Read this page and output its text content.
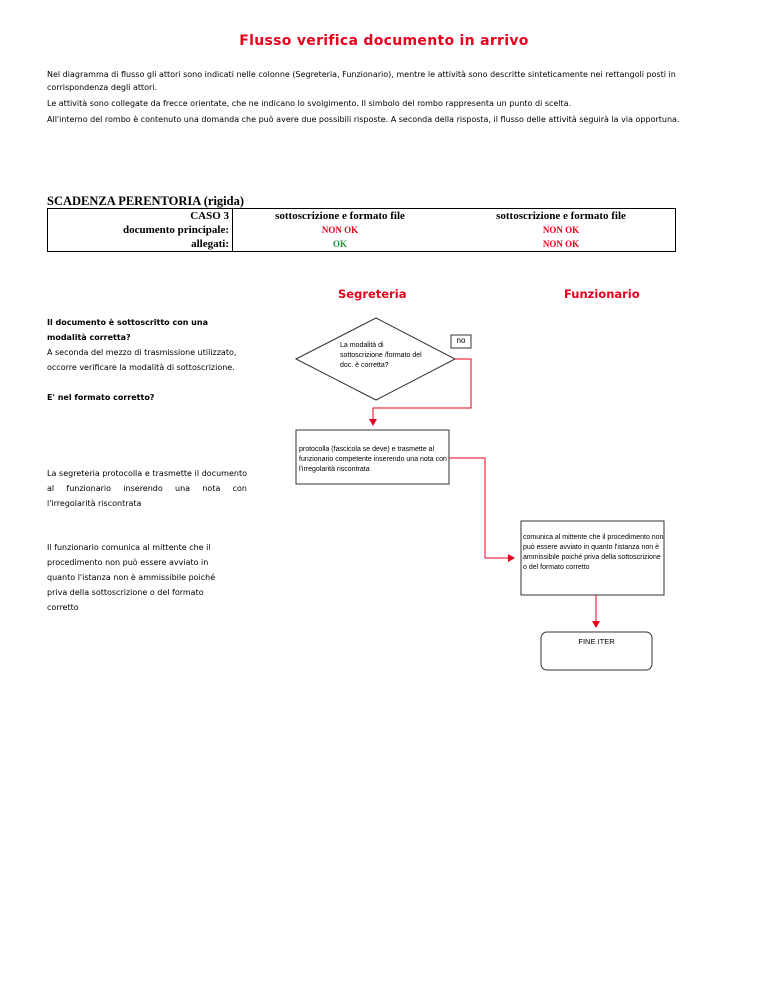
Flusso verifica documento in arrivo
Nel diagramma di flusso gli attori sono indicati nelle colonne (Segreteria, Funzionario), mentre le attività sono descritte sinteticamente nei rettangoli posti in corrispondenza degli attori.
Le attività sono collegate da frecce orientate, che ne indicano lo svolgimento. Il simbolo del rombo rappresenta un punto di scelta.
All'interno del rombo è contenuto una domanda che può avere due possibili risposte. A seconda della risposta, il flusso delle attività seguirà la via opportuna.
SCADENZA PERENTORIA (rigida)
CASO 3	sottoscrizione e formato file	sottoscrizione e formato file
documento principale:	NON OK	NON OK
allegati:	OK	NON OK
Segreteria	Funzionario
Il documento è sottoscritto con una modalità corretta?
A seconda del mezzo di trasmissione utilizzato, occorre verificare la modalità di sottoscrizione.
E' nel formato corretto?
La segreteria protocolla e trasmette il documento al funzionario inserendo una nota con l'irregolarità riscontrata
Il funzionario comunica al mittente che il procedimento non può essere avviato in quanto l'istanza non è ammissibile poiché priva della sottoscrizione o del formato corretto
La modalità di sottoscrizione /formato del doc. è corretta?
no
protocolla (fascicola se deve) e trasmette al funzionario competente inserendo una nota con l'irregolarità riscontrata
comunica al mittente che il procedimento non può essere avviato in quanto l'istanza non è ammissibile poiché priva della sottoscrizione o del formato corretto
FINE ITER
